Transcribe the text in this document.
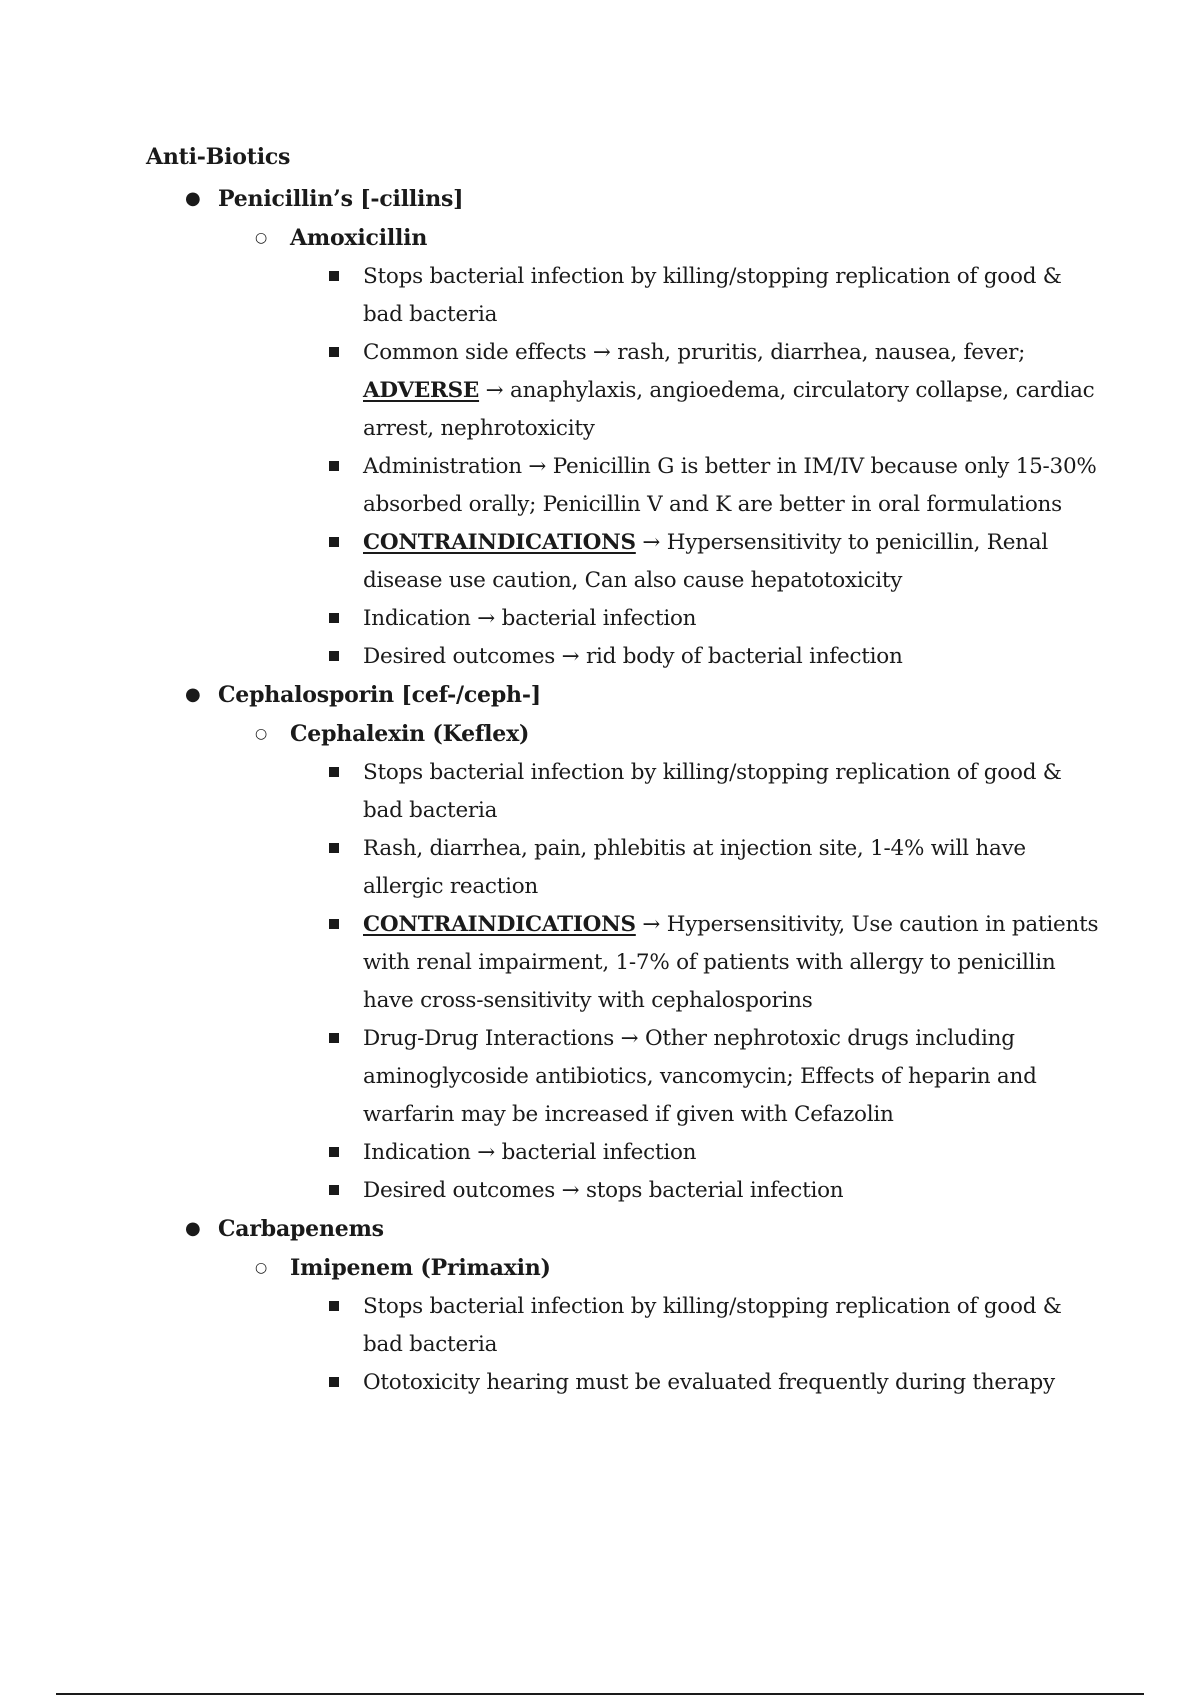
Anti-Biotics
● Penicillin’s [-cillins]
○ Amoxicillin
Stops bacterial infection by killing/stopping replication of good &
bad bacteria
Common side effects → rash, pruritis, diarrhea, nausea, fever;
ADVERSE → anaphylaxis, angioedema, circulatory collapse, cardiac
arrest, nephrotoxicity
Administration → Penicillin G is better in IM/IV because only 15-30%
absorbed orally; Penicillin V and K are better in oral formulations
CONTRAINDICATIONS → Hypersensitivity to penicillin, Renal
disease use caution, Can also cause hepatotoxicity
Indication → bacterial infection
Desired outcomes → rid body of bacterial infection
● Cephalosporin [cef-/ceph-]
○ Cephalexin (Keflex)
Stops bacterial infection by killing/stopping replication of good &
bad bacteria
Rash, diarrhea, pain, phlebitis at injection site, 1-4% will have
allergic reaction
CONTRAINDICATIONS → Hypersensitivity, Use caution in patients
with renal impairment, 1-7% of patients with allergy to penicillin
have cross-sensitivity with cephalosporins
Drug-Drug Interactions → Other nephrotoxic drugs including
aminoglycoside antibiotics, vancomycin; Effects of heparin and
warfarin may be increased if given with Cefazolin
Indication → bacterial infection
Desired outcomes → stops bacterial infection
● Carbapenems
○ Imipenem (Primaxin)
Stops bacterial infection by killing/stopping replication of good &
bad bacteria
Ototoxicity hearing must be evaluated frequently during therapy
